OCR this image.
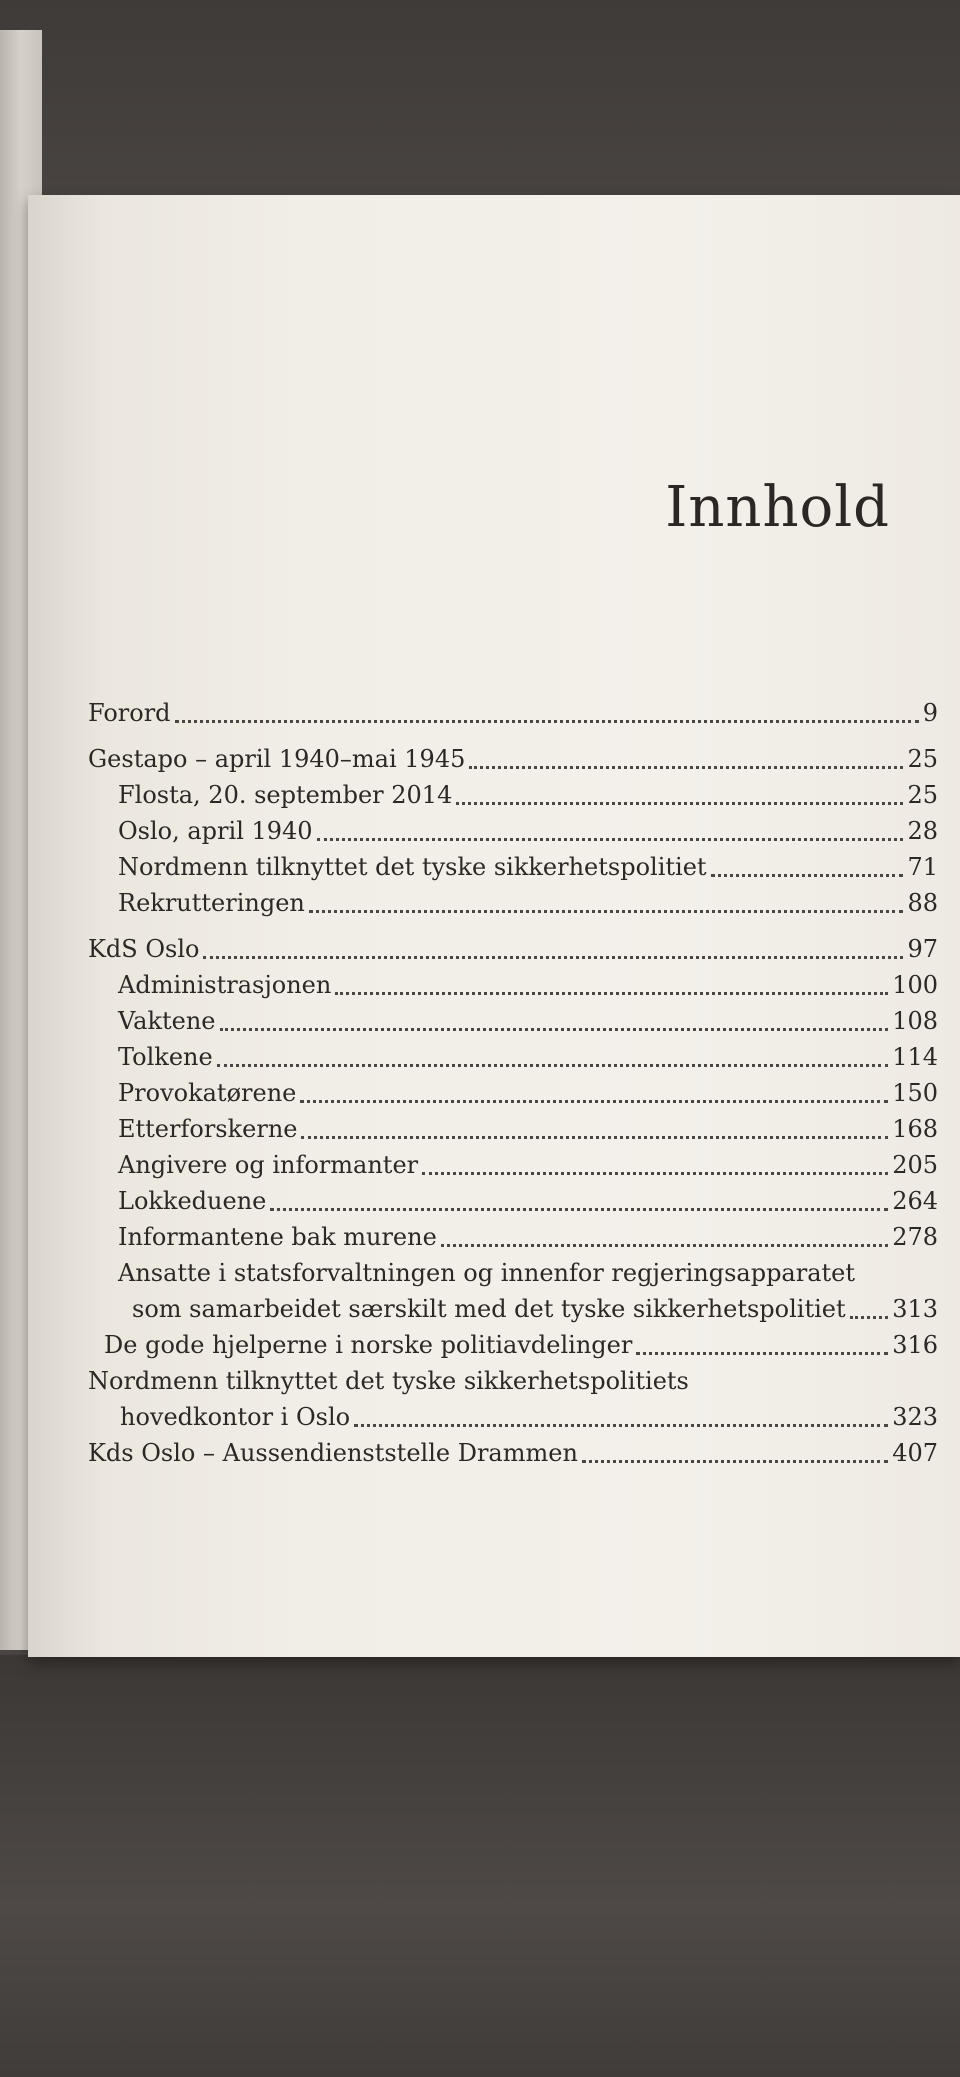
Innhold
Forord	9
Gestapo – april 1940–mai 1945	25
Flosta, 20. september 2014	25
Oslo, april 1940	28
Nordmenn tilknyttet det tyske sikkerhetspolitiet	71
Rekrutteringen	88
KdS Oslo	97
Administrasjonen	100
Vaktene	108
Tolkene	114
Provokatørene	150
Etterforskerne	168
Angivere og informanter	205
Lokkeduene	264
Informantene bak murene	278
Ansatte i statsforvaltningen og innenfor regjeringsapparatet
som samarbeidet særskilt med det tyske sikkerhetspolitiet 313
De gode hjelperne i norske politiavdelinger	316
Nordmenn tilknyttet det tyske sikkerhetspolitiets
hovedkontor i Oslo	323
Kds Oslo – Aussendienststelle Drammen	407
